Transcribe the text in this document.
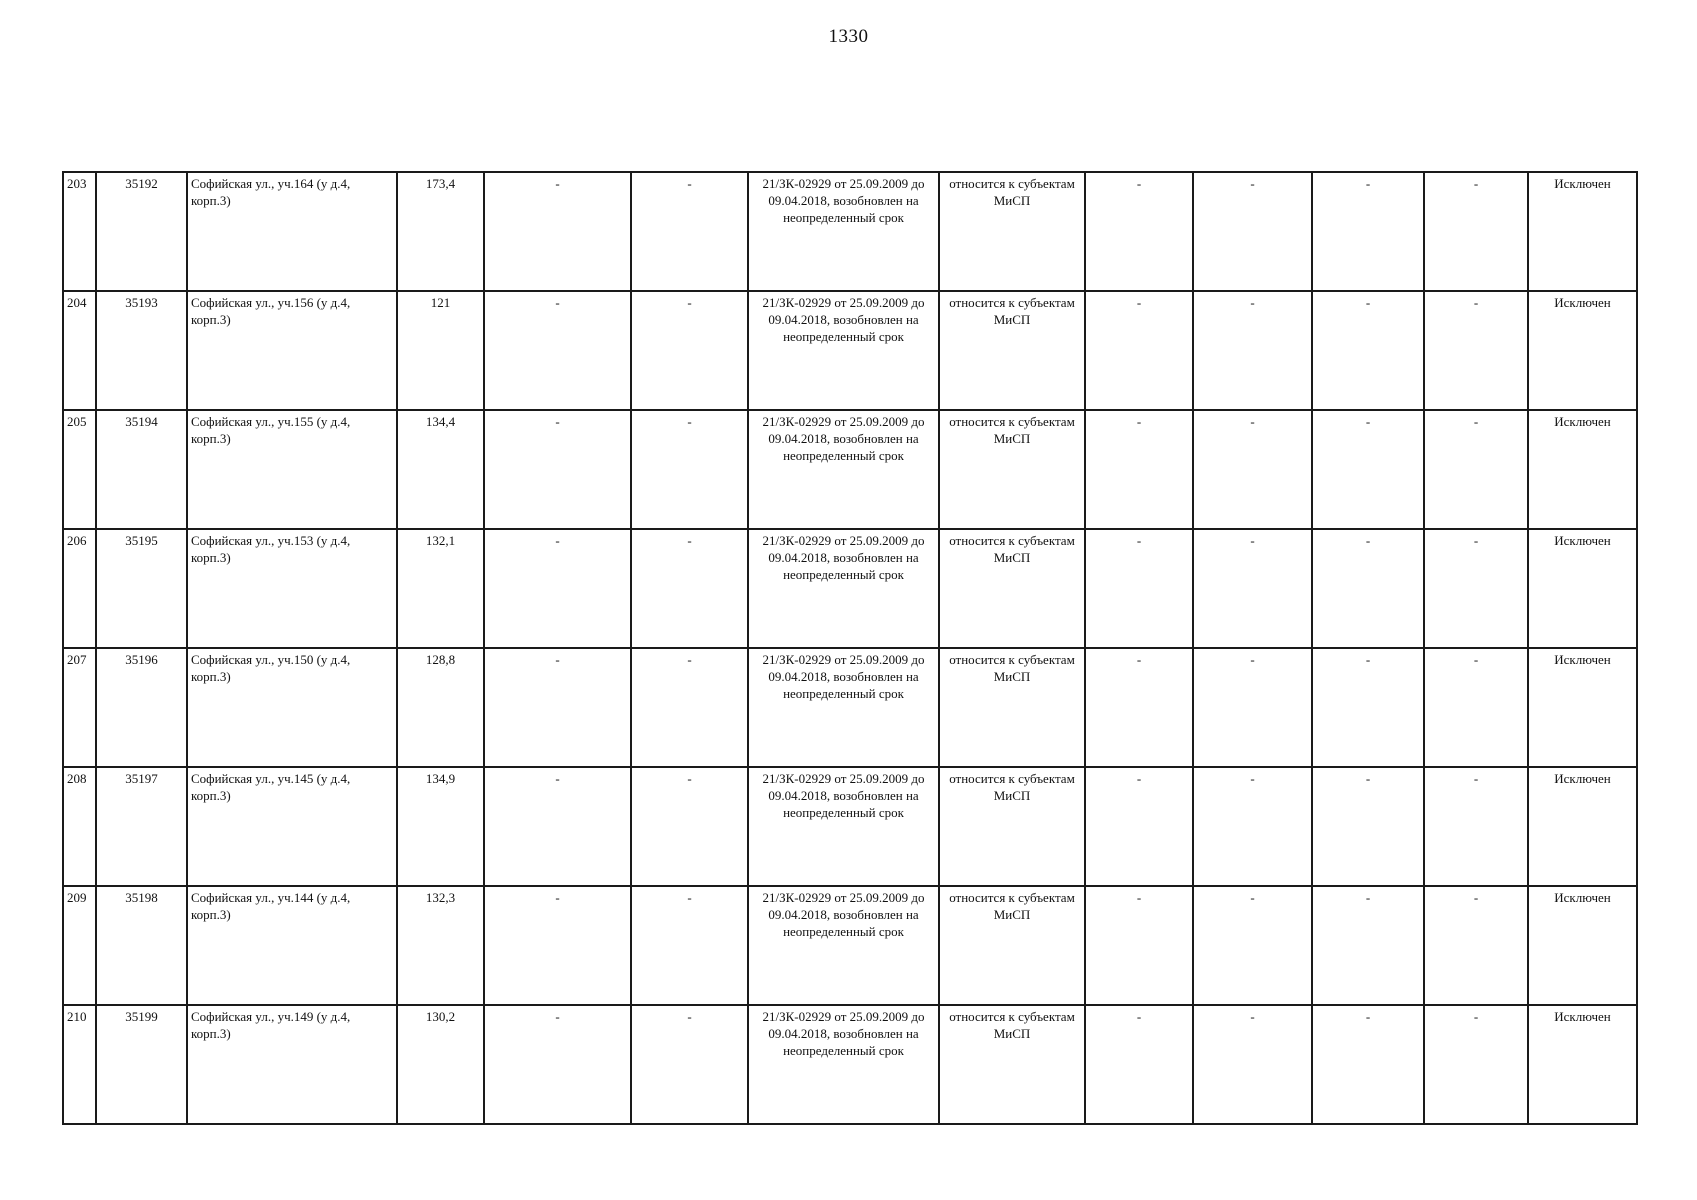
1330
203	35192	Софийская ул., уч.164 (у д.4, корп.3)	173,4	-	-	21/ЗК-02929 от 25.09.2009 до 09.04.2018, возобновлен на неопределенный срок	относится к субъектам МиСП	-	-	-	-	Исключен
204	35193	Софийская ул., уч.156 (у д.4, корп.3)	121	-	-	21/ЗК-02929 от 25.09.2009 до 09.04.2018, возобновлен на неопределенный срок	относится к субъектам МиСП	-	-	-	-	Исключен
205	35194	Софийская ул., уч.155 (у д.4, корп.3)	134,4	-	-	21/ЗК-02929 от 25.09.2009 до 09.04.2018, возобновлен на неопределенный срок	относится к субъектам МиСП	-	-	-	-	Исключен
206	35195	Софийская ул., уч.153 (у д.4, корп.3)	132,1	-	-	21/ЗК-02929 от 25.09.2009 до 09.04.2018, возобновлен на неопределенный срок	относится к субъектам МиСП	-	-	-	-	Исключен
207	35196	Софийская ул., уч.150 (у д.4, корп.3)	128,8	-	-	21/ЗК-02929 от 25.09.2009 до 09.04.2018, возобновлен на неопределенный срок	относится к субъектам МиСП	-	-	-	-	Исключен
208	35197	Софийская ул., уч.145 (у д.4, корп.3)	134,9	-	-	21/ЗК-02929 от 25.09.2009 до 09.04.2018, возобновлен на неопределенный срок	относится к субъектам МиСП	-	-	-	-	Исключен
209	35198	Софийская ул., уч.144 (у д.4, корп.3)	132,3	-	-	21/ЗК-02929 от 25.09.2009 до 09.04.2018, возобновлен на неопределенный срок	относится к субъектам МиСП	-	-	-	-	Исключен
210	35199	Софийская ул., уч.149 (у д.4, корп.3)	130,2	-	-	21/ЗК-02929 от 25.09.2009 до 09.04.2018, возобновлен на неопределенный срок	относится к субъектам МиСП	-	-	-	-	Исключен
